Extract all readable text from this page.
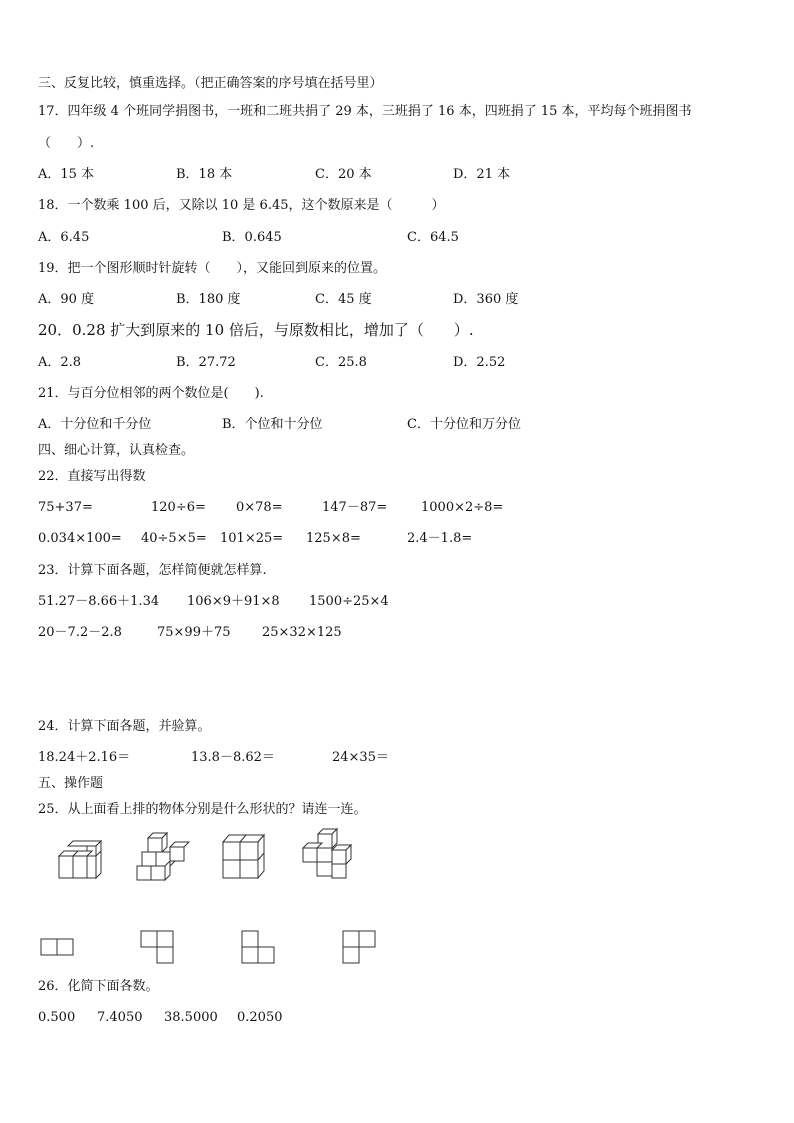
三、反复比较，慎重选择。（把正确答案的序号填在括号里）
17．四年级 4 个班同学捐图书，一班和二班共捐了 29 本，三班捐了 16 本，四班捐了 15 本，平均每个班捐图书
（　　）.
A．15 本	B．18 本	C．20 本	D．21 本
18．一个数乘 100 后，又除以 10 是 6.45，这个数原来是（　　　）
A．6.45	B．0.645	C．64.5
19．把一个图形顺时针旋转（　　），又能回到原来的位置。
A．90 度	B．180 度	C．45 度	D．360 度
20．0.28 扩大到原来的 10 倍后，与原数相比，增加了（　　）.
A．2.8	B．27.72	C．25.8	D．2.52
21．与百分位相邻的两个数位是(　　).
A．十分位和千分位	B．个位和十分位	C．十分位和万分位
四、细心计算，认真检查。
22．直接写出得数
75+37=	120÷6= 0×78=	147－87=	1000×2÷8=
0.034×100= 40÷5×5= 101×25= 125×8=	2.4－1.8=
23．计算下面各题，怎样简便就怎样算.
51.27－8.66＋1.34 106×9＋91×8 1500÷25×4
20－7.2－2.8	75×99＋75 25×32×125
24．计算下面各题，并验算。
18.24＋2.16＝	13.8－8.62＝	24×35＝
五、操作题
25．从上面看上排的物体分别是什么形状的？请连一连。
26．化简下面各数。
0.500 7.4050 38.5000 0.2050
